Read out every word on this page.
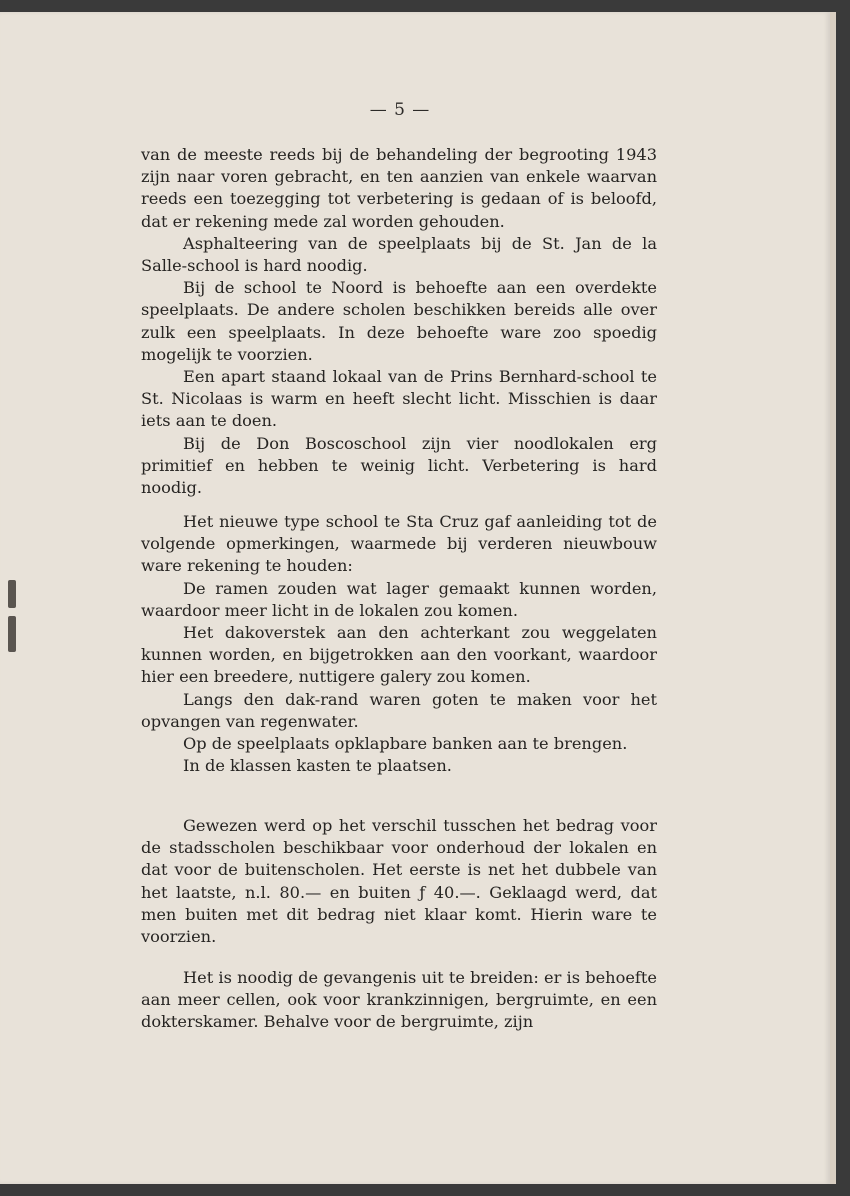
— 5 —

van de meeste reeds bij de behandeling der begrooting 1943 zijn naar voren gebracht, en ten aanzien van enkele waarvan reeds een toezegging tot verbetering is gedaan of is beloofd, dat er rekening mede zal worden gehouden.

Asphalteering van de speelplaats bij de St. Jan de la Salle-school is hard noodig.

Bij de school te Noord is behoefte aan een overdekte speelplaats. De andere scholen beschikken bereids alle over zulk een speelplaats. In deze behoefte ware zoo spoedig mogelijk te voorzien.

Een apart staand lokaal van de Prins Bernhard-school te St. Nicolaas is warm en heeft slecht licht. Misschien is daar iets aan te doen.

Bij de Don Boscoschool zijn vier noodlokalen erg primitief en hebben te weinig licht. Verbetering is hard noodig.

Het nieuwe type school te Sta Cruz gaf aanleiding tot de volgende opmerkingen, waarmede bij verderen nieuwbouw ware rekening te houden:

De ramen zouden wat lager gemaakt kunnen worden, waardoor meer licht in de lokalen zou komen.

Het dakoverstek aan den achterkant zou weggelaten kunnen worden, en bijgetrokken aan den voorkant, waardoor hier een breedere, nuttigere galery zou komen.

Langs den dak-rand waren goten te maken voor het opvangen van regenwater.

Op de speelplaats opklapbare banken aan te brengen.

In de klassen kasten te plaatsen.

Gewezen werd op het verschil tusschen het bedrag voor de stadsscholen beschikbaar voor onderhoud der lokalen en dat voor de buitenscholen. Het eerste is net het dubbele van het laatste, n.l. 80.— en buiten ƒ 40.—. Geklaagd werd, dat men buiten met dit bedrag niet klaar komt. Hierin ware te voorzien.

Het is noodig de gevangenis uit te breiden: er is behoefte aan meer cellen, ook voor krankzinnigen, bergruimte, en een dokterskamer. Behalve voor de bergruimte, zijn
